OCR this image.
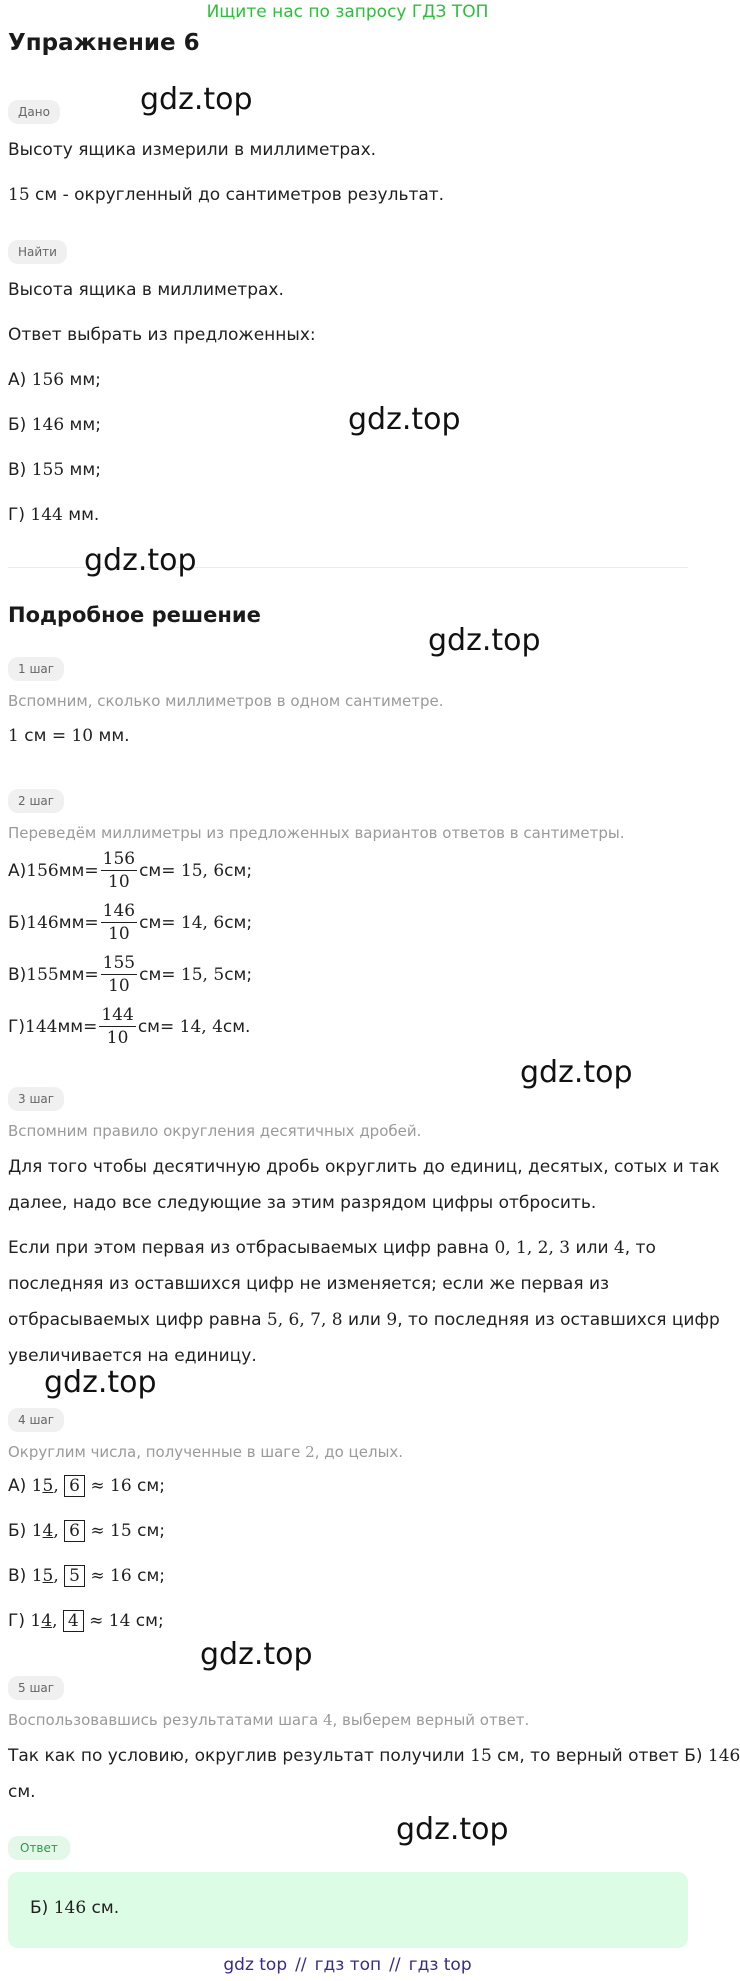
Ищите нас по запросу ГДЗ ТОП
Упражнение 6
Дано
Высоту ящика измерили в миллиметрах.
15 см - округленный до сантиметров результат.
Найти
Высота ящика в миллиметрах.
Ответ выбрать из предложенных:
А) 156 мм;
Б) 146 мм;
В) 155 мм;
Г) 144 мм.
Подробное решение
1 шаг
Вспомним, сколько миллиметров в одном сантиметре.
1 см = 10 мм.
2 шаг
Переведём миллиметры из предложенных вариантов ответов в сантиметры.
А) 156 мм = $\frac{156}{10}$ см = 15, 6 см;
Б) 146 мм = $\frac{146}{10}$ см = 14, 6 см;
В) 155 мм = $\frac{155}{10}$ см = 15, 5 см;
Г) 144 мм = $\frac{144}{10}$ см = 14, 4 см.
3 шаг
Вспомним правило округления десятичных дробей.
Для того чтобы десятичную дробь округлить до единиц, десятых, сотых и так
далее, надо все следующие за этим разрядом цифры отбросить.
Если при этом первая из отбрасываемых цифр равна 0, 1, 2, 3 или 4, то
последняя из оставшихся цифр не изменяется; если же первая из
отбрасываемых цифр равна 5, 6, 7, 8 или 9, то последняя из оставшихся цифр
увеличивается на единицу.
4 шаг
Округлим числа, полученные в шаге 2, до целых.
А) 15, 6 ≈ 16 см;
Б) 14, 6 ≈ 15 см;
В) 15, 5 ≈ 16 см;
Г) 14, 4 ≈ 14 см;
5 шаг
Воспользовавшись результатами шага 4, выберем верный ответ.
Так как по условию, округлив результат получили 15 см, то верный ответ Б) 146
см.
Ответ
Б) 146 см.
gdz.top
gdz.top
gdz.top
gdz.top
gdz.top
gdz.top
gdz.top
gdz.top
gdz top // гдз топ // гдз top
